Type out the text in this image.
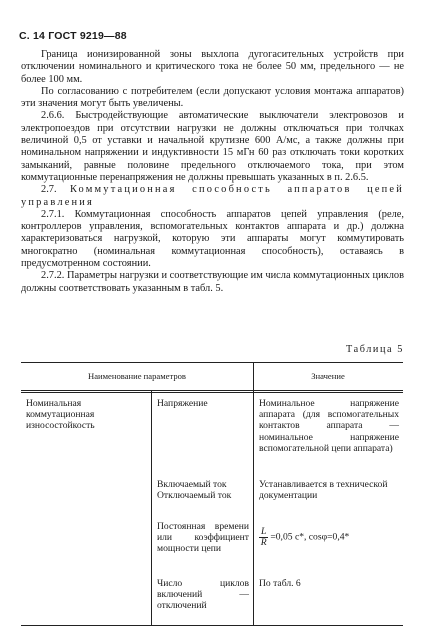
С. 14 ГОСТ 9219—88

Граница ионизированной зоны выхлопа дугогасительных устройств при отключении номинального и критического тока не более 50 мм, предельного — не более 100 мм.

По согласованию с потребителем (если допускают условия монтажа аппаратов) эти значения могут быть увеличены.

2.6.6. Быстродействующие автоматические выключатели электровозов и электропоездов при отсутствии нагрузки не должны отключаться при толчках величиной 0,5 от уставки и начальной крутизне 600 А/мс, а также должны при номинальном напряжении и индуктивности 15 мГн 60 раз отключать токи коротких замыканий, равные половине предельного отключаемого тока, при этом коммутационные перенапряжения не должны превышать указанных в п. 2.6.5.

2.7. Коммутационная способность аппаратов цепей управления

2.7.1. Коммутационная способность аппаратов цепей управления (реле, контроллеров управления, вспомогательных контактов аппарата и др.) должна характеризоваться нагрузкой, которую эти аппараты могут коммутировать многократно (номинальная коммутационная способность), оставаясь в предусмотренном состоянии.

2.7.2. Параметры нагрузки и соответствующие им числа коммутационных циклов должны соответствовать указанным в табл. 5.

Таблица 5
Наименование параметров	Значение
Номинальная коммутационная износостойкость
Напряжение	Номинальное напряжение аппарата (для вспомогательных контактов аппарата — номинальное напряжение вспомогательной цепи аппарата)
Включаемый ток
Отключаемый ток
Устанавливается в технической документации
Постоянная времени или коэффициент мощности цепи
$\frac{L}{R} =0,05$ с*, cosφ=0,4*
Число циклов включений — отключений
По табл. 6
